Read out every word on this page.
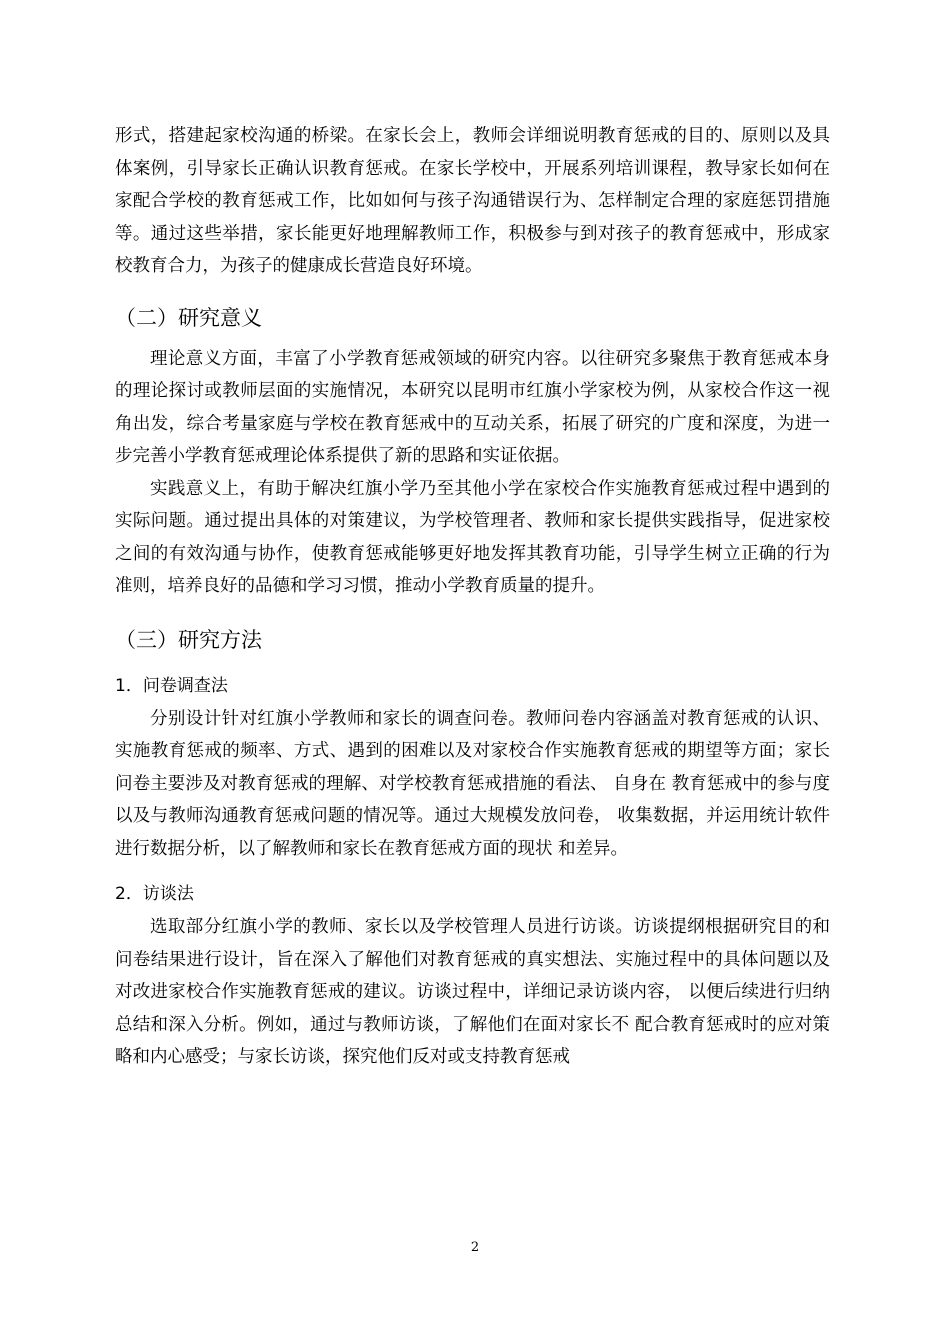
形式，搭建起家校沟通的桥梁。在家长会上，教师会详细说明教育惩戒的目的、原则以及具体案例，引导家长正确认识教育惩戒。在家长学校中，开展系列培训课程，教导家长如何在家配合学校的教育惩戒工作，比如如何与孩子沟通错误行为、怎样制定合理的家庭惩罚措施等。通过这些举措，家长能更好地理解教师工作，积极参与到对孩子的教育惩戒中，形成家校教育合力，为孩子的健康成长营造良好环境。

（二）研究意义

理论意义方面，丰富了小学教育惩戒领域的研究内容。以往研究多聚焦于教育惩戒本身的理论探讨或教师层面的实施情况，本研究以昆明市红旗小学家校为例，从家校合作这一视角出发，综合考量家庭与学校在教育惩戒中的互动关系，拓展了研究的广度和深度，为进一步完善小学教育惩戒理论体系提供了新的思路和实证依据。

实践意义上，有助于解决红旗小学乃至其他小学在家校合作实施教育惩戒过程中遇到的实际问题。通过提出具体的对策建议，为学校管理者、教师和家长提供实践指导，促进家校之间的有效沟通与协作，使教育惩戒能够更好地发挥其教育功能，引导学生树立正确的行为准则，培养良好的品德和学习习惯，推动小学教育质量的提升。

（三）研究方法
1．问卷调查法

分别设计针对红旗小学教师和家长的调查问卷。教师问卷内容涵盖对教育惩戒的认识、实施教育惩戒的频率、方式、遇到的困难以及对家校合作实施教育惩戒的期望等方面；家长问卷主要涉及对教育惩戒的理解、对学校教育惩戒措施的看法、 自身在 教育惩戒中的参与度以及与教师沟通教育惩戒问题的情况等。通过大规模发放问卷， 收集数据，并运用统计软件进行数据分析，以了解教师和家长在教育惩戒方面的现状 和差异。

2．访谈法

选取部分红旗小学的教师、家长以及学校管理人员进行访谈。访谈提纲根据研究目的和问卷结果进行设计，旨在深入了解他们对教育惩戒的真实想法、实施过程中的具体问题以及对改进家校合作实施教育惩戒的建议。访谈过程中，详细记录访谈内容， 以便后续进行归纳总结和深入分析。例如，通过与教师访谈，了解他们在面对家长不 配合教育惩戒时的应对策略和内心感受；与家长访谈，探究他们反对或支持教育惩戒

2
